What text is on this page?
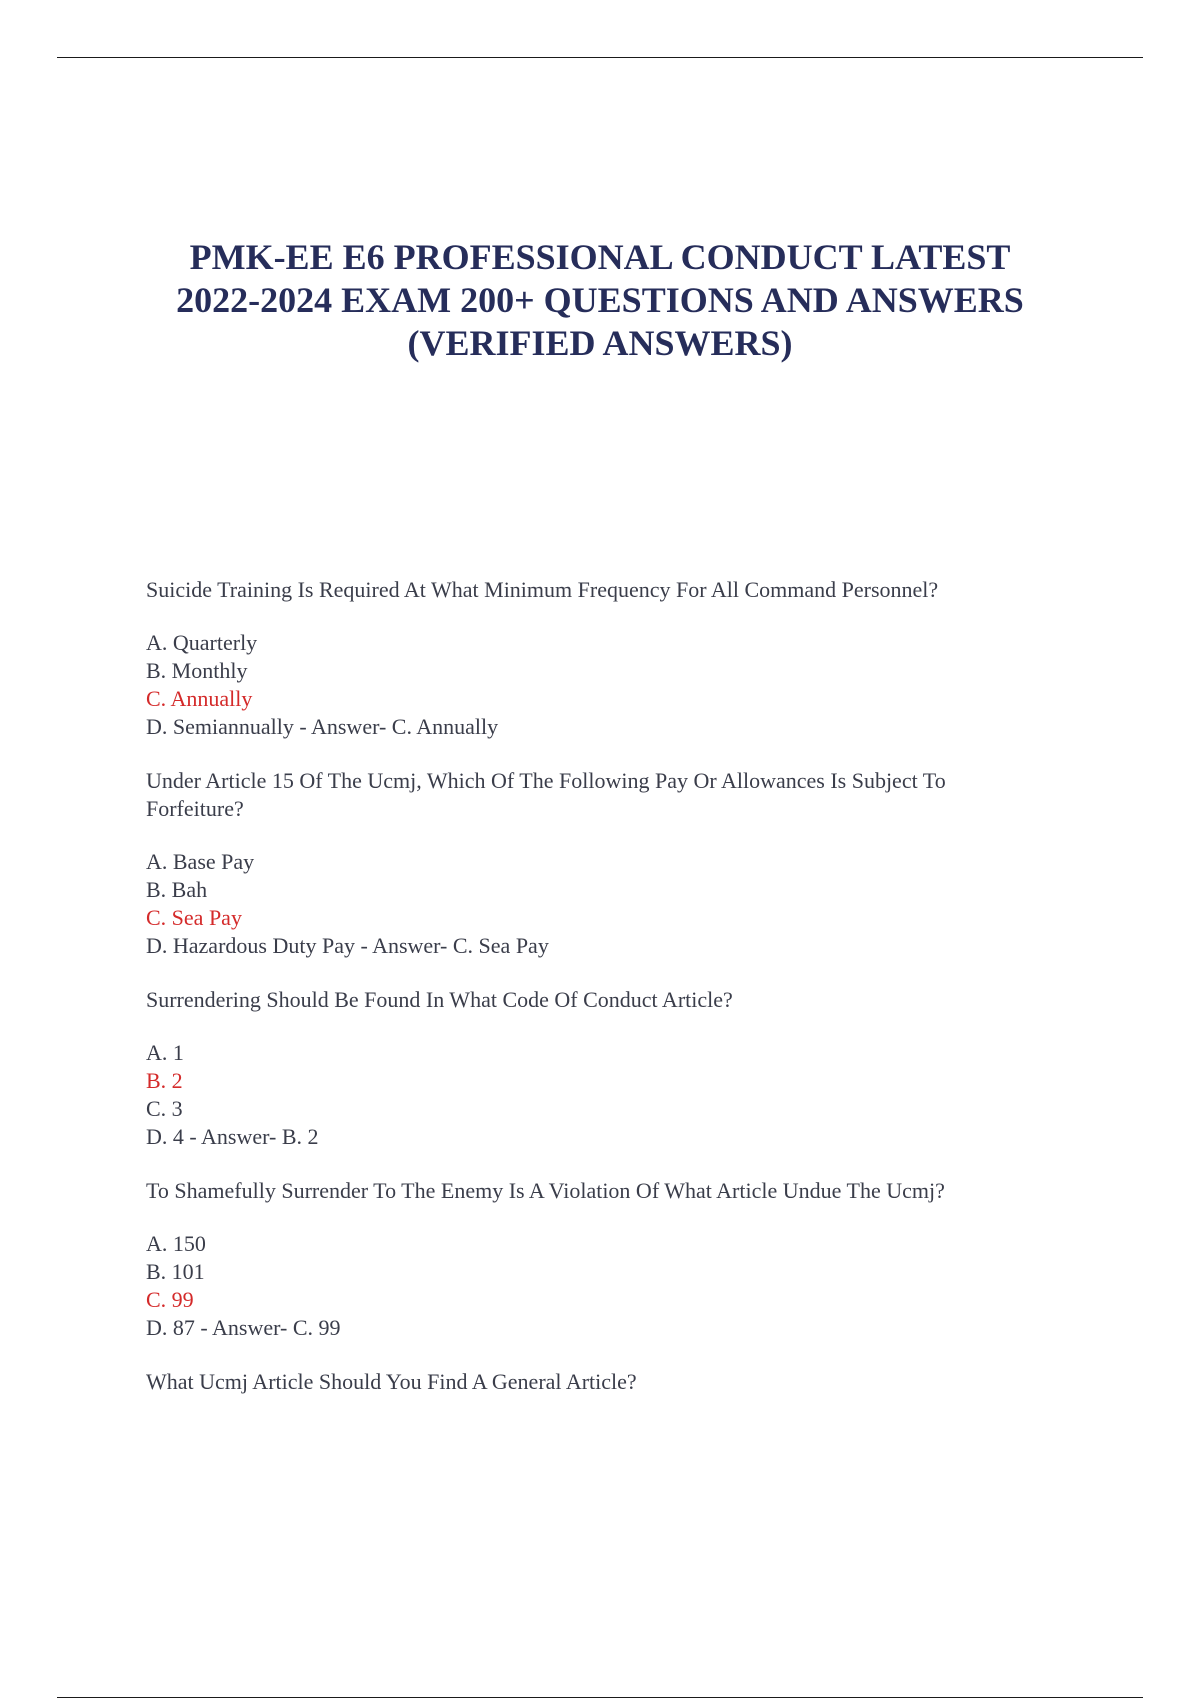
PMK-EE E6 PROFESSIONAL CONDUCT LATEST
2022-2024 EXAM 200+ QUESTIONS AND ANSWERS
(VERIFIED ANSWERS)

Suicide Training Is Required At What Minimum Frequency For All Command Personnel?

A. Quarterly
B. Monthly
C. Annually
D. Semiannually - Answer- C. Annually

Under Article 15 Of The Ucmj, Which Of The Following Pay Or Allowances Is Subject To Forfeiture?

A. Base Pay
B. Bah
C. Sea Pay
D. Hazardous Duty Pay - Answer- C. Sea Pay

Surrendering Should Be Found In What Code Of Conduct Article?

A. 1
B. 2
C. 3
D. 4 - Answer- B. 2

To Shamefully Surrender To The Enemy Is A Violation Of What Article Undue The Ucmj?

A. 150
B. 101
C. 99
D. 87 - Answer- C. 99

What Ucmj Article Should You Find A General Article?
